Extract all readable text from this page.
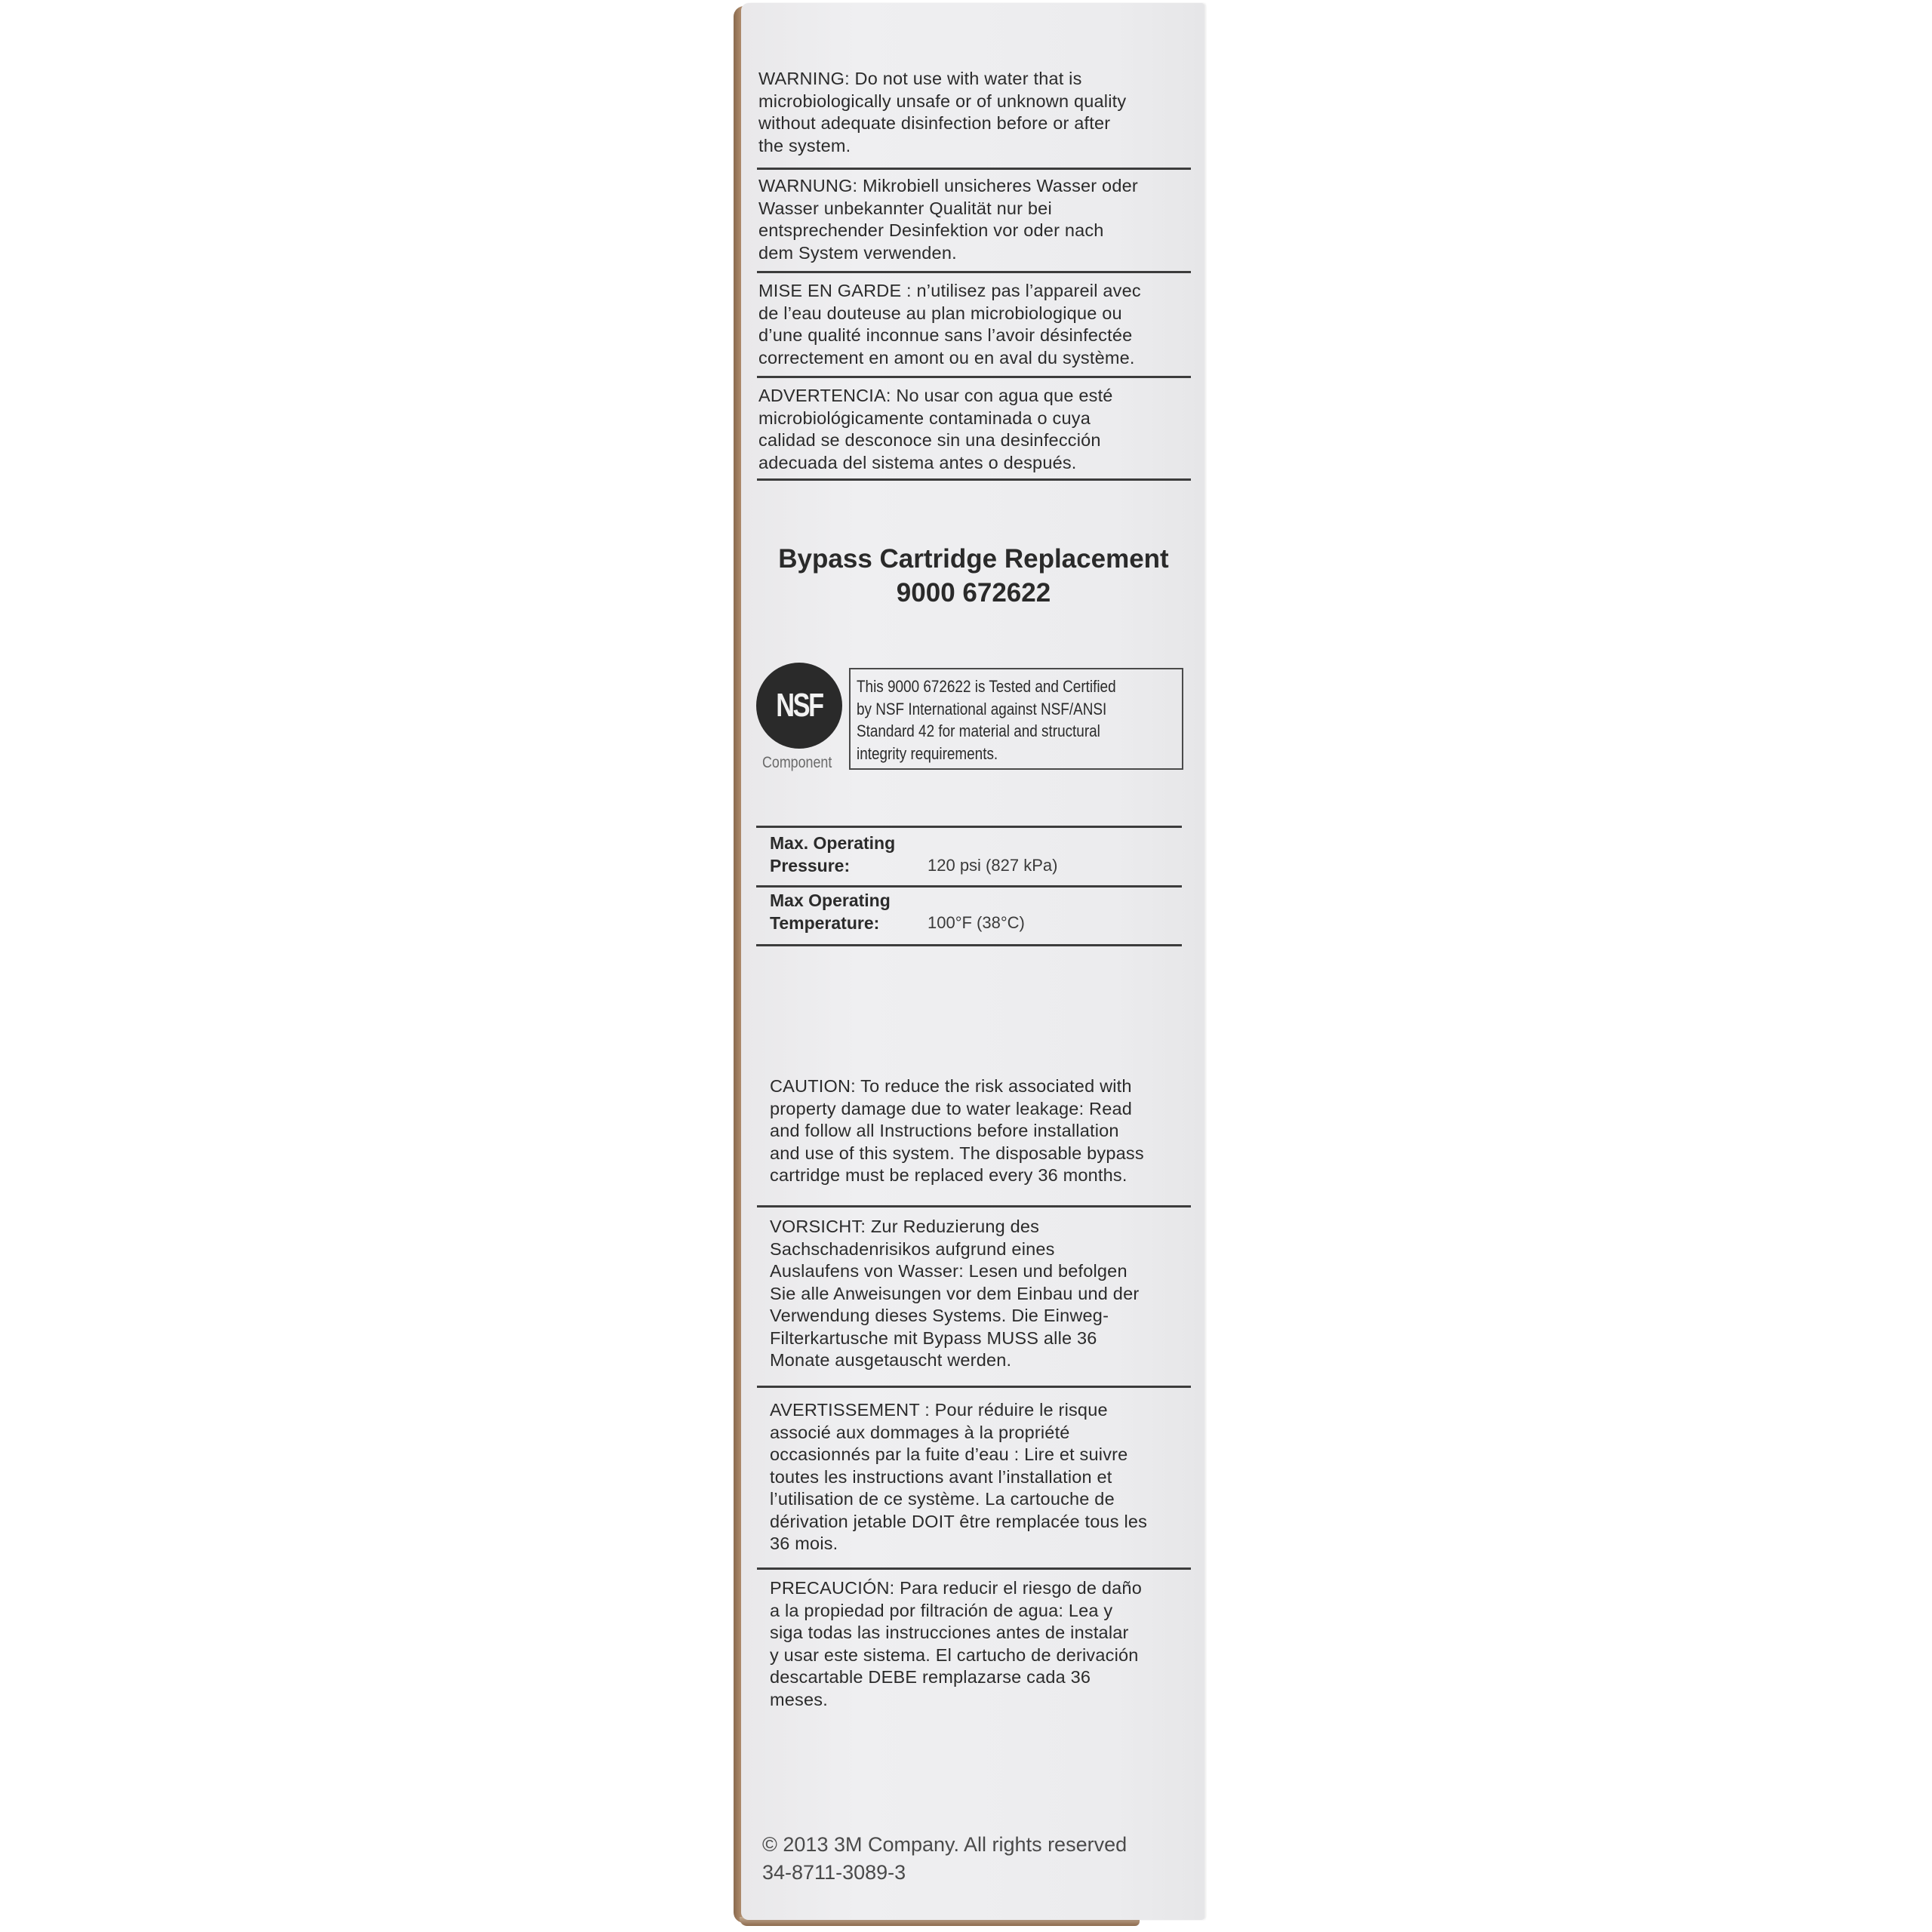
WARNING: Do not use with water that is
microbiologically unsafe or of unknown quality
without adequate disinfection before or after
the system.
WARNUNG: Mikrobiell unsicheres Wasser oder
Wasser unbekannter Qualität nur bei
entsprechender Desinfektion vor oder nach
dem System verwenden.
MISE EN GARDE : n’utilisez pas l’appareil avec
de l’eau douteuse au plan microbiologique ou
d’une qualité inconnue sans l’avoir désinfectée
correctement en amont ou en aval du système.
ADVERTENCIA: No usar con agua que esté
microbiológicamente contaminada o cuya
calidad se desconoce sin una desinfección
adecuada del sistema antes o después.
Bypass Cartridge Replacement
9000 672622
NSF
Component
This 9000 672622 is Tested and Certified
by NSF International against NSF/ANSI
Standard 42 for material and structural
integrity requirements.
Max. Operating
Pressure:	120 psi (827 kPa)
Max Operating
Temperature:	100°F (38°C)
CAUTION: To reduce the risk associated with
property damage due to water leakage: Read
and follow all Instructions before installation
and use of this system. The disposable bypass
cartridge must be replaced every 36 months.
VORSICHT: Zur Reduzierung des
Sachschadenrisikos aufgrund eines
Auslaufens von Wasser: Lesen und befolgen
Sie alle Anweisungen vor dem Einbau und der
Verwendung dieses Systems. Die Einweg-
Filterkartusche mit Bypass MUSS alle 36
Monate ausgetauscht werden.
AVERTISSEMENT : Pour réduire le risque
associé aux dommages à la propriété
occasionnés par la fuite d’eau : Lire et suivre
toutes les instructions avant l’installation et
l’utilisation de ce système. La cartouche de
dérivation jetable DOIT être remplacée tous les
36 mois.
PRECAUCIÓN: Para reducir el riesgo de daño
a la propiedad por filtración de agua: Lea y
siga todas las instrucciones antes de instalar
y usar este sistema. El cartucho de derivación
descartable DEBE remplazarse cada 36
meses.
© 2013 3M Company. All rights reserved
34-8711-3089-3
